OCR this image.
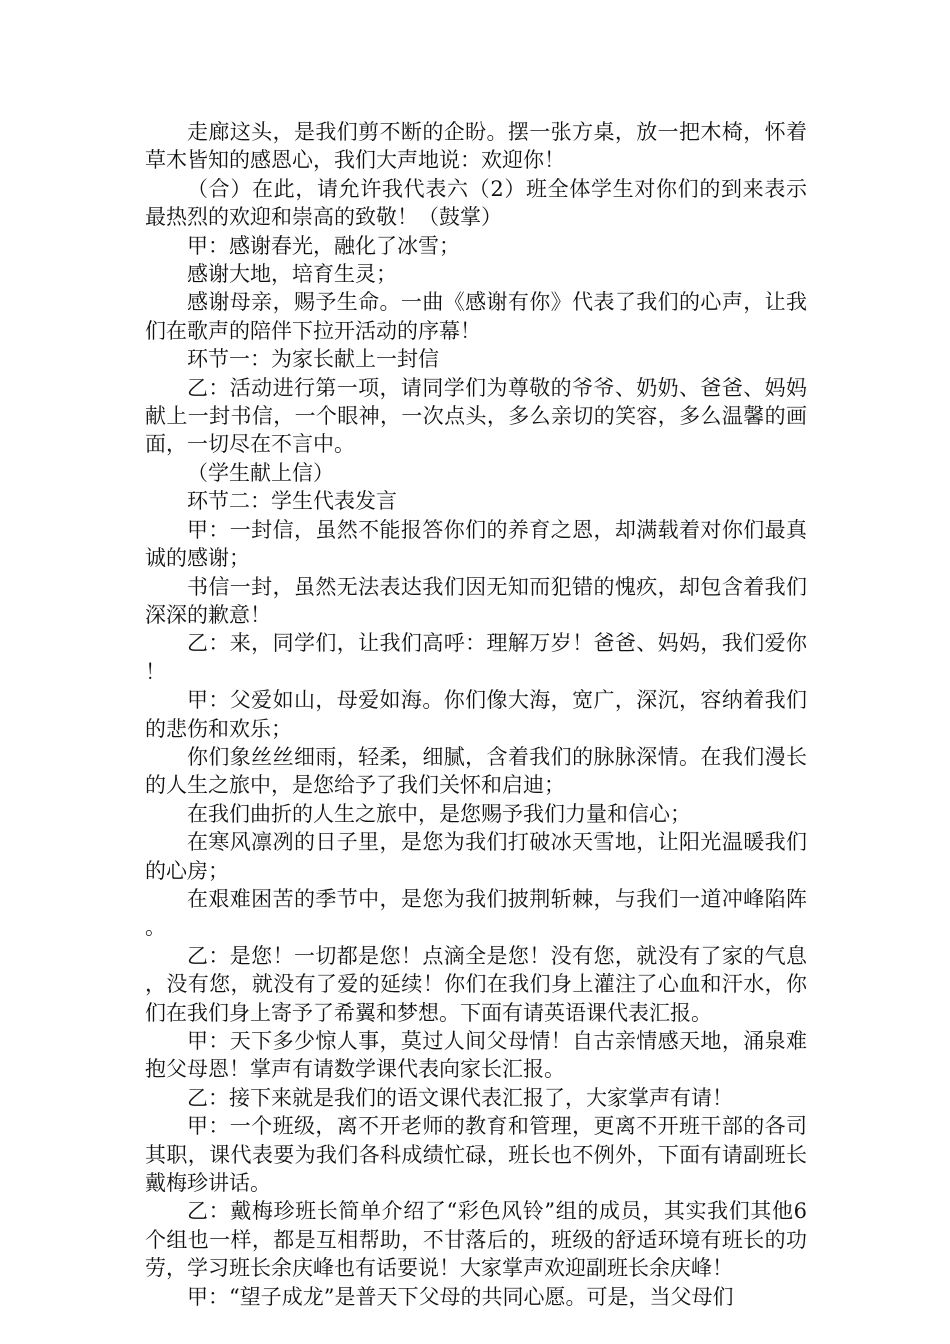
走廊这头，是我们剪不断的企盼。摆一张方桌，放一把木椅，怀着草木皆知的感恩心，我们大声地说：欢迎你！

（合）在此，请允许我代表六（2）班全体学生对你们的到来表示最热烈的欢迎和崇高的致敬！（鼓掌）

甲：感谢春光，融化了冰雪；

感谢大地，培育生灵；

感谢母亲，赐予生命。一曲《感谢有你》代表了我们的心声，让我们在歌声的陪伴下拉开活动的序幕！

环节一：为家长献上一封信

乙：活动进行第一项，请同学们为尊敬的爷爷、奶奶、爸爸、妈妈献上一封书信，一个眼神，一次点头，多么亲切的笑容，多么温馨的画面，一切尽在不言中。

（学生献上信）

环节二：学生代表发言

甲：一封信，虽然不能报答你们的养育之恩，却满载着对你们最真诚的感谢；

书信一封，虽然无法表达我们因无知而犯错的愧疚，却包含着我们深深的歉意！

乙：来，同学们，让我们高呼：理解万岁！爸爸、妈妈，我们爱你！

甲：父爱如山，母爱如海。你们像大海，宽广，深沉，容纳着我们的悲伤和欢乐；

你们象丝丝细雨，轻柔，细腻，含着我们的脉脉深情。在我们漫长的人生之旅中，是您给予了我们关怀和启迪；

在我们曲折的人生之旅中，是您赐予我们力量和信心；

在寒风凛冽的日子里，是您为我们打破冰天雪地，让阳光温暖我们的心房；

在艰难困苦的季节中，是您为我们披荆斩棘，与我们一道冲峰陷阵。

乙：是您！一切都是您！点滴全是您！没有您，就没有了家的气息，没有您，就没有了爱的延续！你们在我们身上灌注了心血和汗水，你们在我们身上寄予了希翼和梦想。下面有请英语课代表汇报。

甲：天下多少惊人事，莫过人间父母情！自古亲情感天地，涌泉难抱父母恩！掌声有请数学课代表向家长汇报。

乙：接下来就是我们的语文课代表汇报了，大家掌声有请！

甲：一个班级，离不开老师的教育和管理，更离不开班干部的各司其职，课代表要为我们各科成绩忙碌，班长也不例外，下面有请副班长戴梅珍讲话。

乙：戴梅珍班长简单介绍了“彩色风铃”组的成员，其实我们其他6个组也一样，都是互相帮助，不甘落后的，班级的舒适环境有班长的功劳，学习班长余庆峰也有话要说！大家掌声欢迎副班长余庆峰！

甲：“望子成龙”是普天下父母的共同心愿。可是，当父母们
